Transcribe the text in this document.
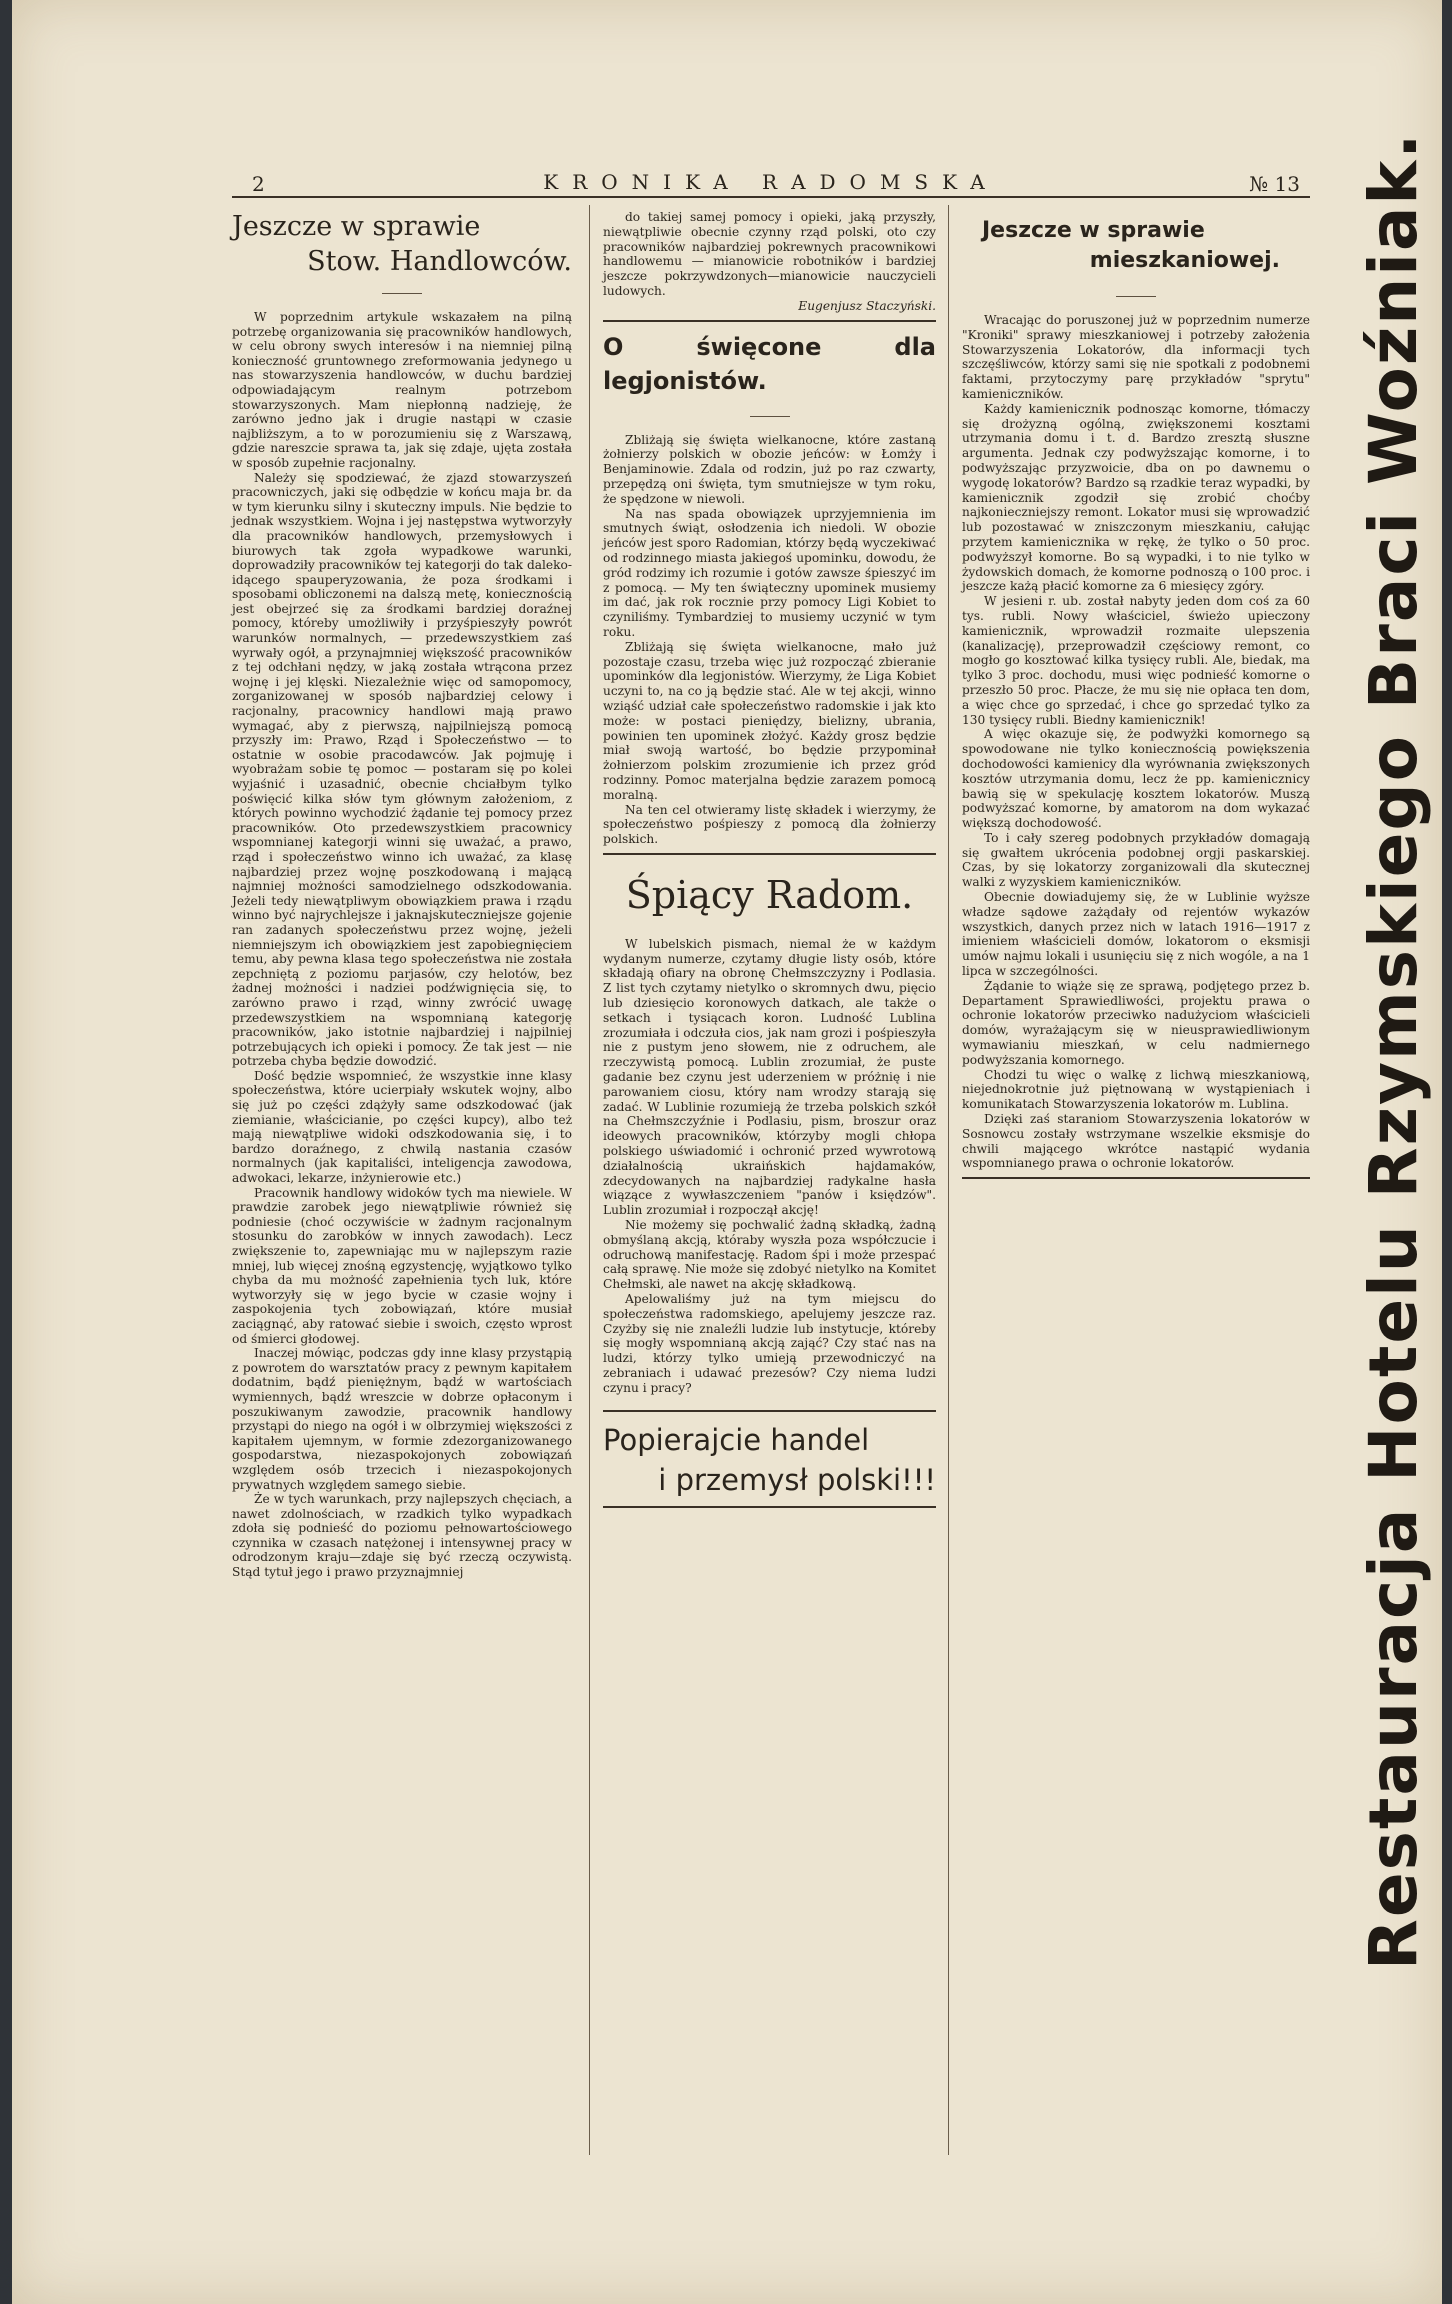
2	KRONIKA RADOMSKA	№ 13
Jeszcze w sprawie
Stow. Handlowców.

W poprzednim artykule wskazałem na pilną potrzebę organizowania się pracowników handlowych, w celu obrony swych interesów i na niemniej pilną konieczność gruntownego zreformowania jedynego u nas stowarzyszenia handlowców, w duchu bardziej odpowiadającym realnym potrzebom stowarzyszonych. Mam niepłonną nadzieję, że zarówno jedno jak i drugie nastąpi w czasie najbliższym, a to w porozumieniu się z Warszawą, gdzie nareszcie sprawa ta, jak się zdaje, ujęta została w sposób zupełnie racjonalny.

Należy się spodziewać, że zjazd stowarzyszeń pracowniczych, jaki się odbędzie w końcu maja br. da w tym kierunku silny i skuteczny impuls. Nie będzie to jednak wszystkiem. Wojna i jej następstwa wytworzyły dla pracowników handlowych, przemysłowych i biurowych tak zgoła wypadkowe warunki, doprowadziły pracowników tej kategorji do tak daleko-idącego spauperyzowania, że poza środkami i sposobami obliczonemi na dalszą metę, koniecznością jest obejrzeć się za środkami bardziej doraźnej pomocy, któreby umożliwiły i przyśpieszyły powrót warunków normalnych, — przedewszystkiem zaś wyrwały ogół, a przynajmniej większość pracowników z tej odchłani nędzy, w jaką została wtrącona przez wojnę i jej klęski. Niezależnie więc od samopomocy, zorganizowanej w sposób najbardziej celowy i racjonalny, pracownicy handlowi mają prawo wymagać, aby z pierwszą, najpilniejszą pomocą przyszły im: Prawo, Rząd i Społeczeństwo — to ostatnie w osobie pracodawców. Jak pojmuję i wyobrażam sobie tę pomoc — postaram się po kolei wyjaśnić i uzasadnić, obecnie chciałbym tylko poświęcić kilka słów tym głównym założeniom, z których powinno wychodzić żądanie tej pomocy przez pracowników. Oto przedewszystkiem pracownicy wspomnianej kategorji winni się uważać, a prawo, rząd i społeczeństwo winno ich uważać, za klasę najbardziej przez wojnę poszkodowaną i mającą najmniej możności samodzielnego odszkodowania. Jeżeli tedy niewątpliwym obowiązkiem prawa i rządu winno być najrychlejsze i jaknajskuteczniejsze gojenie ran zadanych społeczeństwu przez wojnę, jeżeli niemniejszym ich obowiązkiem jest zapobiegnięciem temu, aby pewna klasa tego społeczeństwa nie została zepchniętą z poziomu parjasów, czy helotów, bez żadnej możności i nadziei podźwignięcia się, to zarówno prawo i rząd, winny zwrócić uwagę przedewszystkiem na wspomnianą kategorję pracowników, jako istotnie najbardziej i najpilniej potrzebujących ich opieki i pomocy. Że tak jest — nie potrzeba chyba będzie dowodzić.

Dość będzie wspomnieć, że wszystkie inne klasy społeczeństwa, które ucierpiały wskutek wojny, albo się już po części zdążyły same odszkodować (jak ziemianie, właścicianie, po części kupcy), albo też mają niewątpliwe widoki odszkodowania się, i to bardzo doraźnego, z chwilą nastania czasów normalnych (jak kapitaliści, inteligencja zawodowa, adwokaci, lekarze, inżynierowie etc.)

Pracownik handlowy widoków tych ma niewiele. W prawdzie zarobek jego niewątpliwie również się podniesie (choć oczywiście w żadnym racjonalnym stosunku do zarobków w innych zawodach). Lecz zwiększenie to, zapewniając mu w najlepszym razie mniej, lub więcej znośną egzystencję, wyjątkowo tylko chyba da mu możność zapełnienia tych luk, które wytworzyły się w jego bycie w czasie wojny i zaspokojenia tych zobowiązań, które musiał zaciągnąć, aby ratować siebie i swoich, często wprost od śmierci głodowej.

Inaczej mówiąc, podczas gdy inne klasy przystąpią z powrotem do warsztatów pracy z pewnym kapitałem dodatnim, bądź pieniężnym, bądź w wartościach wymiennych, bądź wreszcie w dobrze opłaconym i poszukiwanym zawodzie, pracownik handlowy przystąpi do niego na ogół i w olbrzymiej większości z kapitałem ujemnym, w formie zdezorganizowanego gospodarstwa, niezaspokojonych zobowiązań względem osób trzecich i niezaspokojonych prywatnych względem samego siebie.

Że w tych warunkach, przy najlepszych chęciach, a nawet zdolnościach, w rzadkich tylko wypadkach zdoła się podnieść do poziomu pełnowartościowego czynnika w czasach natężonej i intensywnej pracy w odrodzonym kraju—zdaje się być rzeczą oczywistą. Stąd tytuł jego i prawo przyznajmniej

do takiej samej pomocy i opieki, jaką przyszły, niewątpliwie obecnie czynny rząd polski, oto czy pracowników najbardziej pokrewnych pracownikowi handlowemu — mianowicie robotników i bardziej jeszcze pokrzywdzonych—mianowicie nauczycieli ludowych.

Eugenjusz Staczyński.
O święcone dla legjonistów.

Zbliżają się święta wielkanocne, które zastaną żołnierzy polskich w obozie jeńców: w Łomży i Benjaminowie. Zdala od rodzin, już po raz czwarty, przepędzą oni święta, tym smutniejsze w tym roku, że spędzone w niewoli.

Na nas spada obowiązek uprzyjemnienia im smutnych świąt, osłodzenia ich niedoli. W obozie jeńców jest sporo Radomian, którzy będą wyczekiwać od rodzinnego miasta jakiegoś upominku, dowodu, że gród rodzimy ich rozumie i gotów zawsze śpieszyć im z pomocą. — My ten świąteczny upominek musiemy im dać, jak rok rocznie przy pomocy Ligi Kobiet to czyniliśmy. Tymbardziej to musiemy uczynić w tym roku.

Zbliżają się święta wielkanocne, mało już pozostaje czasu, trzeba więc już rozpocząć zbieranie upominków dla legjonistów. Wierzymy, że Liga Kobiet uczyni to, na co ją będzie stać. Ale w tej akcji, winno wziąść udział całe społeczeństwo radomskie i jak kto może: w postaci pieniędzy, bielizny, ubrania, powinien ten upominek złożyć. Każdy grosz będzie miał swoją wartość, bo będzie przypominał żołnierzom polskim zrozumienie ich przez gród rodzinny. Pomoc materjalna będzie zarazem pomocą moralną.

Na ten cel otwieramy listę składek i wierzymy, że społeczeństwo pośpieszy z pomocą dla żołnierzy polskich.

Śpiący Radom.

W lubelskich pismach, niemal że w każdym wydanym numerze, czytamy długie listy osób, które składają ofiary na obronę Chełmszczyzny i Podlasia. Z list tych czytamy nietylko o skromnych dwu, pięcio lub dziesięcio koronowych datkach, ale także o setkach i tysiącach koron. Ludność Lublina zrozumiała i odczuła cios, jak nam grozi i pośpieszyła nie z pustym jeno słowem, nie z odruchem, ale rzeczywistą pomocą. Lublin zrozumiał, że puste gadanie bez czynu jest uderzeniem w próżnię i nie parowaniem ciosu, który nam wrodzy starają się zadać. W Lublinie rozumieją że trzeba polskich szkół na Chełmszczyźnie i Podlasiu, pism, broszur oraz ideowych pracowników, którzyby mogli chłopa polskiego uświadomić i ochronić przed wywrotową działalnością ukraińskich hajdamaków, zdecydowanych na najbardziej radykalne hasła wiązące z wywłaszczeniem "panów i księdzów". Lublin zrozumiał i rozpoczął akcję!

Nie możemy się pochwalić żadną składką, żadną obmyślaną akcją, któraby wyszła poza współczucie i odruchową manifestację. Radom śpi i może przespać całą sprawę. Nie może się zdobyć nietylko na Komitet Chełmski, ale nawet na akcję składkową.

Apelowaliśmy już na tym miejscu do społeczeństwa radomskiego, apelujemy jeszcze raz. Czyżby się nie znaleźli ludzie lub instytucje, któreby się mogły wspomnianą akcją zająć? Czy stać nas na ludzi, którzy tylko umieją przewodniczyć na zebraniach i udawać prezesów? Czy niema ludzi czynu i pracy?

Popierajcie handel
i przemysł polski!!!
Jeszcze w sprawie
mieszkaniowej.

Wracając do poruszonej już w poprzednim numerze "Kroniki" sprawy mieszkaniowej i potrzeby założenia Stowarzyszenia Lokatorów, dla informacji tych szczęśliwców, którzy sami się nie spotkali z podobnemi faktami, przytoczymy parę przykładów "sprytu" kamieniczników.

Każdy kamienicznik podnosząc komorne, tłómaczy się drożyzną ogólną, zwiększonemi kosztami utrzymania domu i t. d. Bardzo zresztą słuszne argumenta. Jednak czy podwyższając komorne, i to podwyższając przyzwoicie, dba on po dawnemu o wygodę lokatorów? Bardzo są rzadkie teraz wypadki, by kamienicznik zgodził się zrobić choćby najkonieczniejszy remont. Lokator musi się wprowadzić lub pozostawać w zniszczonym mieszkaniu, całując przytem kamienicznika w rękę, że tylko o 50 proc. podwyższył komorne. Bo są wypadki, i to nie tylko w żydowskich domach, że komorne podnoszą o 100 proc. i jeszcze każą płacić komorne za 6 miesięcy zgóry.

W jesieni r. ub. został nabyty jeden dom coś za 60 tys. rubli. Nowy właściciel, świeżo upieczony kamienicznik, wprowadził rozmaite ulepszenia (kanalizację), przeprowadził częściowy remont, co mogło go kosztować kilka tysięcy rubli. Ale, biedak, ma tylko 3 proc. dochodu, musi więc podnieść komorne o przeszło 50 proc. Płacze, że mu się nie opłaca ten dom, a więc chce go sprzedać, i chce go sprzedać tylko za 130 tysięcy rubli. Biedny kamienicznik!

A więc okazuje się, że podwyżki komornego są spowodowane nie tylko koniecznością powiększenia dochodowości kamienicy dla wyrównania zwiększonych kosztów utrzymania domu, lecz że pp. kamienicznicy bawią się w spekulację kosztem lokatorów. Muszą podwyższać komorne, by amatorom na dom wykazać większą dochodowość.

To i cały szereg podobnych przykładów domagają się gwałtem ukrócenia podobnej orgji paskarskiej. Czas, by się lokatorzy zorganizowali dla skutecznej walki z wyzyskiem kamieniczników.

Obecnie dowiadujemy się, że w Lublinie wyższe władze sądowe zażądały od rejentów wykazów wszystkich, danych przez nich w latach 1916—1917 z imieniem właścicieli domów, lokatorom o eksmisji umów najmu lokali i usunięciu się z nich wogóle, a na 1 lipca w szczególności.

Żądanie to wiąże się ze sprawą, podjętego przez b. Departament Sprawiedliwości, projektu prawa o ochronie lokatorów przeciwko nadużyciom właścicieli domów, wyrażającym się w nieusprawiedliwionym wymawianiu mieszkań, w celu nadmiernego podwyższania komornego.

Chodzi tu więc o walkę z lichwą mieszkaniową, niejednokrotnie już piętnowaną w wystąpieniach i komunikatach Stowarzyszenia lokatorów m. Lublina.

Dzięki zaś staraniom Stowarzyszenia lokatorów w Sosnowcu zostały wstrzymane wszelkie eksmisje do chwili mającego wkrótce nastąpić wydania wspomnianego prawa o ochronie lokatorów.	Restauracja Hotelu Rzymskiego Braci Woźniak.
